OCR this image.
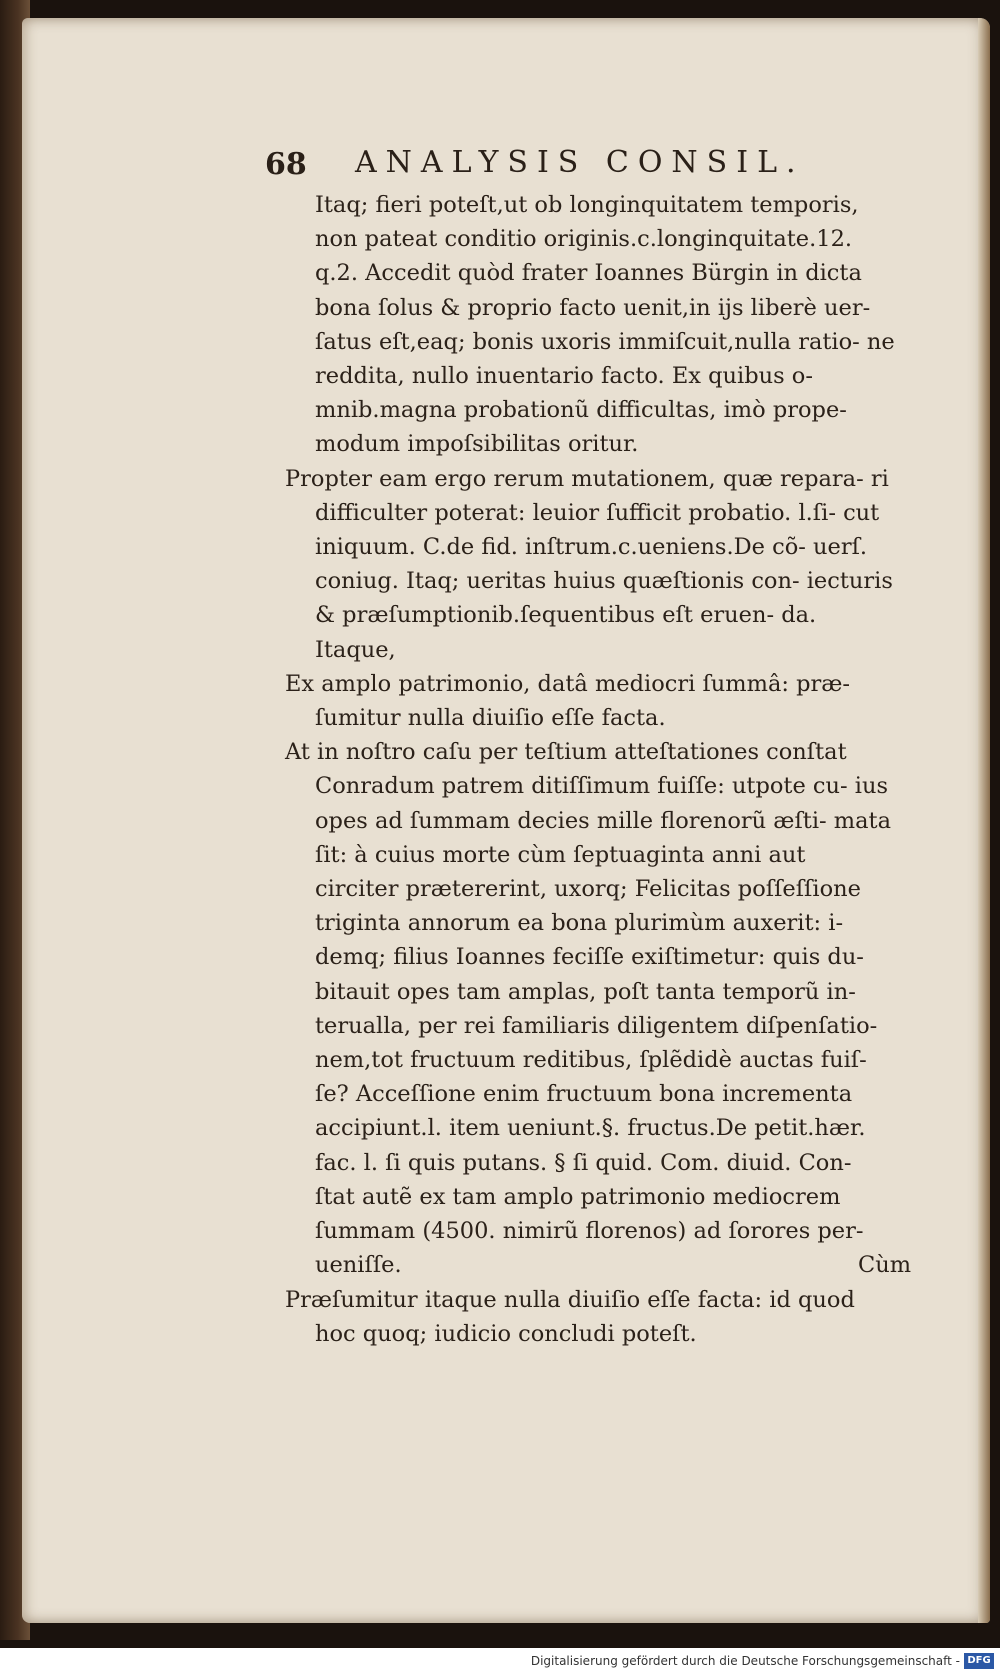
68 ANALYSIS CONSIL.

Itaq; fieri poteſt,ut ob longinquitatem temporis, non pateat conditio originis.c.longinquitate.12. q.2. Accedit quòd frater Ioannes Bürgin in dicta bona ſolus & proprio facto uenit,in ijs liberè uer‐ ſatus eſt,eaq; bonis uxoris immiſcuit,nulla ratio‐ ne reddita, nullo inuentario facto. Ex quibus o‐ mnib.magna probationũ difficultas, imò prope‐ modum impoſsibilitas oritur.

Propter eam ergo rerum mutationem, quæ repara‐ ri difficulter poterat: leuior ſufficit probatio. l.ſi‐ cut iniquum. C.de fid. inſtrum.c.ueniens.De cõ‐ uerſ. coniug. Itaq; ueritas huius quæſtionis con‐ iecturis & præſumptionib.ſequentibus eſt eruen‐ da. Itaque,

Ex amplo patrimonio, datâ mediocri ſummâ: præ‐ ſumitur nulla diuiſio eſſe facta.

At in noſtro caſu per teſtium atteſtationes conſtat Conradum patrem ditiſſimum fuiſſe: utpote cu‐ ius opes ad ſummam decies mille florenorũ æſti‐ mata ſit: à cuius morte cùm ſeptuaginta anni aut circiter prætererint, uxorq; Felicitas poſſeſſione triginta annorum ea bona plurimùm auxerit: i‐ demq; filius Ioannes feciſſe exiſtimetur: quis du‐ bitauit opes tam amplas, poſt tanta temporũ in‐ terualla, per rei familiaris diligentem diſpenſatio‐ nem,tot fructuum reditibus, ſplẽdidè auctas fuiſ‐ ſe? Acceſſione enim fructuum bona incrementa accipiunt.l. item ueniunt.§. fructus.De petit.hær. fac. l. ſi quis putans. § ſi quid. Com. diuid. Con‐ ſtat autẽ ex tam amplo patrimonio mediocrem ſummam (4500. nimirũ florenos) ad ſorores per‐ ueniſſe.

Præſumitur itaque nulla diuiſio eſſe facta: id quod hoc quoq; iudicio concludi poteſt.

Cùm
Digitalisierung gefördert durch die Deutsche Forschungsgemeinschaft - DFG
